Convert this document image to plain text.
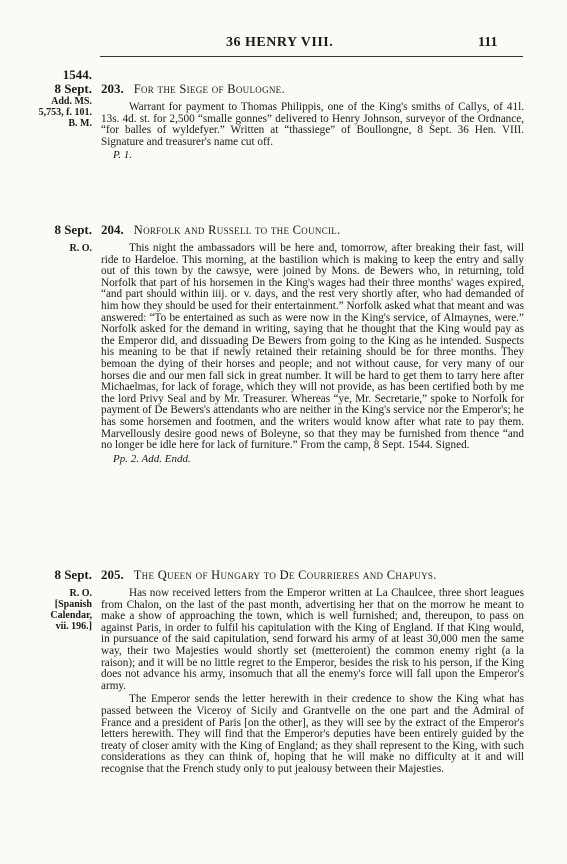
36 HENRY VIII.	111
1544.
8 Sept.
Add. MS.
5,753, f. 101.
B. M.
203. For the Siege of Boulogne.

Warrant for payment to Thomas Philippis, one of the King's smiths of Callys, of 41l. 13s. 4d. st. for 2,500 “smalle gonnes” delivered to Henry Johnson, surveyor of the Ordnance, “for balles of wyldefyer.” Written at “thassiege” of Boullongne, 8 Sept. 36 Hen. VIII. Signature and treasurer's name cut off.

P. 1.
8 Sept.
R. O.
204. Norfolk and Russell to the Council.

This night the ambassadors will be here and, tomorrow, after breaking their fast, will ride to Hardeloe. This morning, at the bastilion which is making to keep the entry and sally out of this town by the cawsye, were joined by Mons. de Bewers who, in returning, told Norfolk that part of his horsemen in the King's wages had their three months' wages expired, “and part should within iiij. or v. days, and the rest very shortly after, who had demanded of him how they should be used for their entertainment.” Norfolk asked what that meant and was answered: “To be entertained as such as were now in the King's service, of Almaynes, were.” Norfolk asked for the demand in writing, saying that he thought that the King would pay as the Emperor did, and dissuading De Bewers from going to the King as he intended. Suspects his meaning to be that if newly retained their retaining should be for three months. They bemoan the dying of their horses and people; and not without cause, for very many of our horses die and our men fall sick in great number. It will be hard to get them to tarry here after Michaelmas, for lack of forage, which they will not provide, as has been certified both by me the lord Privy Seal and by Mr. Treasurer. Whereas “ye, Mr. Secretarie,” spoke to Norfolk for payment of De Bewers's attendants who are neither in the King's service nor the Emperor's; he has some horsemen and footmen, and the writers would know after what rate to pay them. Marvellously desire good news of Boleyne, so that they may be furnished from thence “and no longer be idle here for lack of furniture.” From the camp, 8 Sept. 1544. Signed.

Pp. 2. Add. Endd.
8 Sept.
R. O.
[Spanish
Calendar,
vii. 196.]
205. The Queen of Hungary to De Courrieres and Chapuys.

Has now received letters from the Emperor written at La Chaulcee, three short leagues from Chalon, on the last of the past month, advertising her that on the morrow he meant to make a show of approaching the town, which is well furnished; and, thereupon, to pass on against Paris, in order to fulfil his capitulation with the King of England. If that King would, in pursuance of the said capitulation, send forward his army of at least 30,000 men the same way, their two Majesties would shortly set (metteroient) the common enemy right (a la raison); and it will be no little regret to the Emperor, besides the risk to his person, if the King does not advance his army, insomuch that all the enemy's force will fall upon the Emperor's army.

The Emperor sends the letter herewith in their credence to show the King what has passed between the Viceroy of Sicily and Grantvelle on the one part and the Admiral of France and a president of Paris [on the other], as they will see by the extract of the Emperor's letters herewith. They will find that the Emperor's deputies have been entirely guided by the treaty of closer amity with the King of England; as they shall represent to the King, with such considerations as they can think of, hoping that he will make no difficulty at it and will recognise that the French study only to put jealousy between their Majesties.
